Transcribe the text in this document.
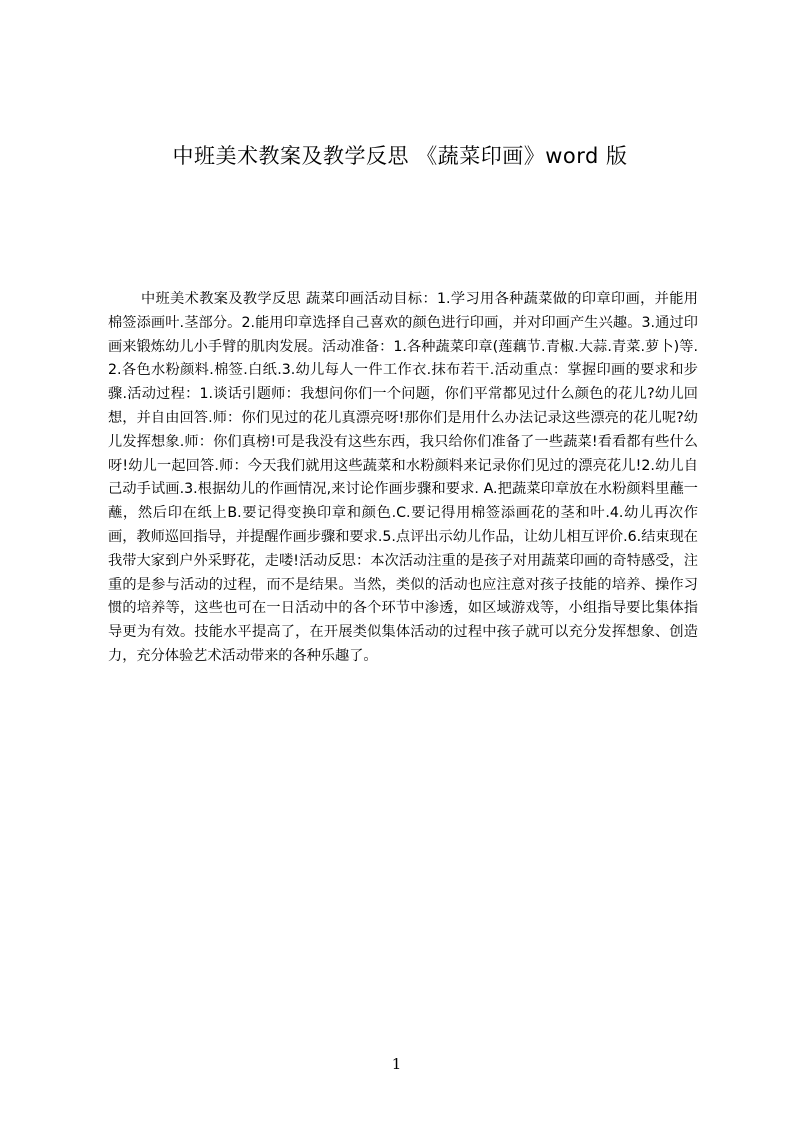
中班美术教案及教学反思 《蔬菜印画》word 版
中班美术教案及教学反思 蔬菜印画活动目标：1.学习用各种蔬菜做的印章印画，并能用棉签添画叶.茎部分。2.能用印章选择自己喜欢的颜色进行印画，并对印画产生兴趣。3.通过印画来锻炼幼儿小手臂的肌肉发展。活动准备：1.各种蔬菜印章(莲藕节.青椒.大蒜.青菜.萝卜)等.2.各色水粉颜料.棉签.白纸.3.幼儿每人一件工作衣.抹布若干.活动重点：掌握印画的要求和步骤.活动过程：1.谈话引题师：我想问你们一个问题，你们平常都见过什么颜色的花儿?幼儿回想，并自由回答.师：你们见过的花儿真漂亮呀!那你们是用什么办法记录这些漂亮的花儿呢?幼儿发挥想象.师：你们真榜!可是我没有这些东西，我只给你们准备了一些蔬菜!看看都有些什么呀!幼儿一起回答.师：今天我们就用这些蔬菜和水粉颜料来记录你们见过的漂亮花儿!2.幼儿自己动手试画.3.根据幼儿的作画情况,来讨论作画步骤和要求. A.把蔬菜印章放在水粉颜料里蘸一蘸，然后印在纸上B.要记得变换印章和颜色.C.要记得用棉签添画花的茎和叶.4.幼儿再次作画，教师巡回指导，并提醒作画步骤和要求.5.点评出示幼儿作品，让幼儿相互评价.6.结束现在我带大家到户外采野花，走喽!活动反思：本次活动注重的是孩子对用蔬菜印画的奇特感受，注重的是参与活动的过程，而不是结果。当然，类似的活动也应注意对孩子技能的培养、操作习惯的培养等，这些也可在一日活动中的各个环节中渗透，如区域游戏等，小组指导要比集体指导更为有效。技能水平提高了，在开展类似集体活动的过程中孩子就可以充分发挥想象、创造力，充分体验艺术活动带来的各种乐趣了。
1
